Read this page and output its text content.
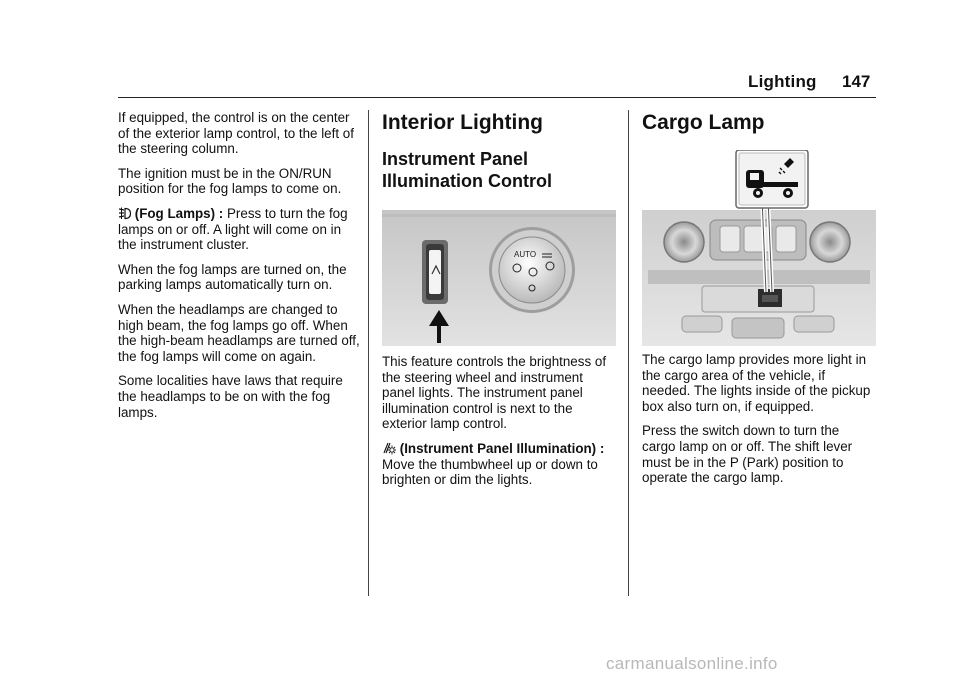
Lighting 147

If equipped, the control is on the center of the exterior lamp control, to the left of the steering column.

The ignition must be in the ON/RUN position for the fog lamps to come on.

(Fog Lamps) : Press to turn the fog lamps on or off. A light will come on in the instrument cluster.

When the fog lamps are turned on, the parking lamps automatically turn on.

When the headlamps are changed to high beam, the fog lamps go off. When the high-beam headlamps are turned off, the fog lamps will come on again.

Some localities have laws that require the headlamps to be on with the fog lamps.

Interior Lighting
Instrument Panel Illumination Control
AUTO

This feature controls the brightness of the steering wheel and instrument panel lights. The instrument panel illumination control is next to the exterior lamp control.

(Instrument Panel Illumination) : Move the thumbwheel up or down to brighten or dim the lights.

Cargo Lamp

The cargo lamp provides more light in the cargo area of the vehicle, if needed. The lights inside of the pickup box also turn on, if equipped.

Press the switch down to turn the cargo lamp on or off. The shift lever must be in the P (Park) position to operate the cargo lamp.

carmanualsonline.info
